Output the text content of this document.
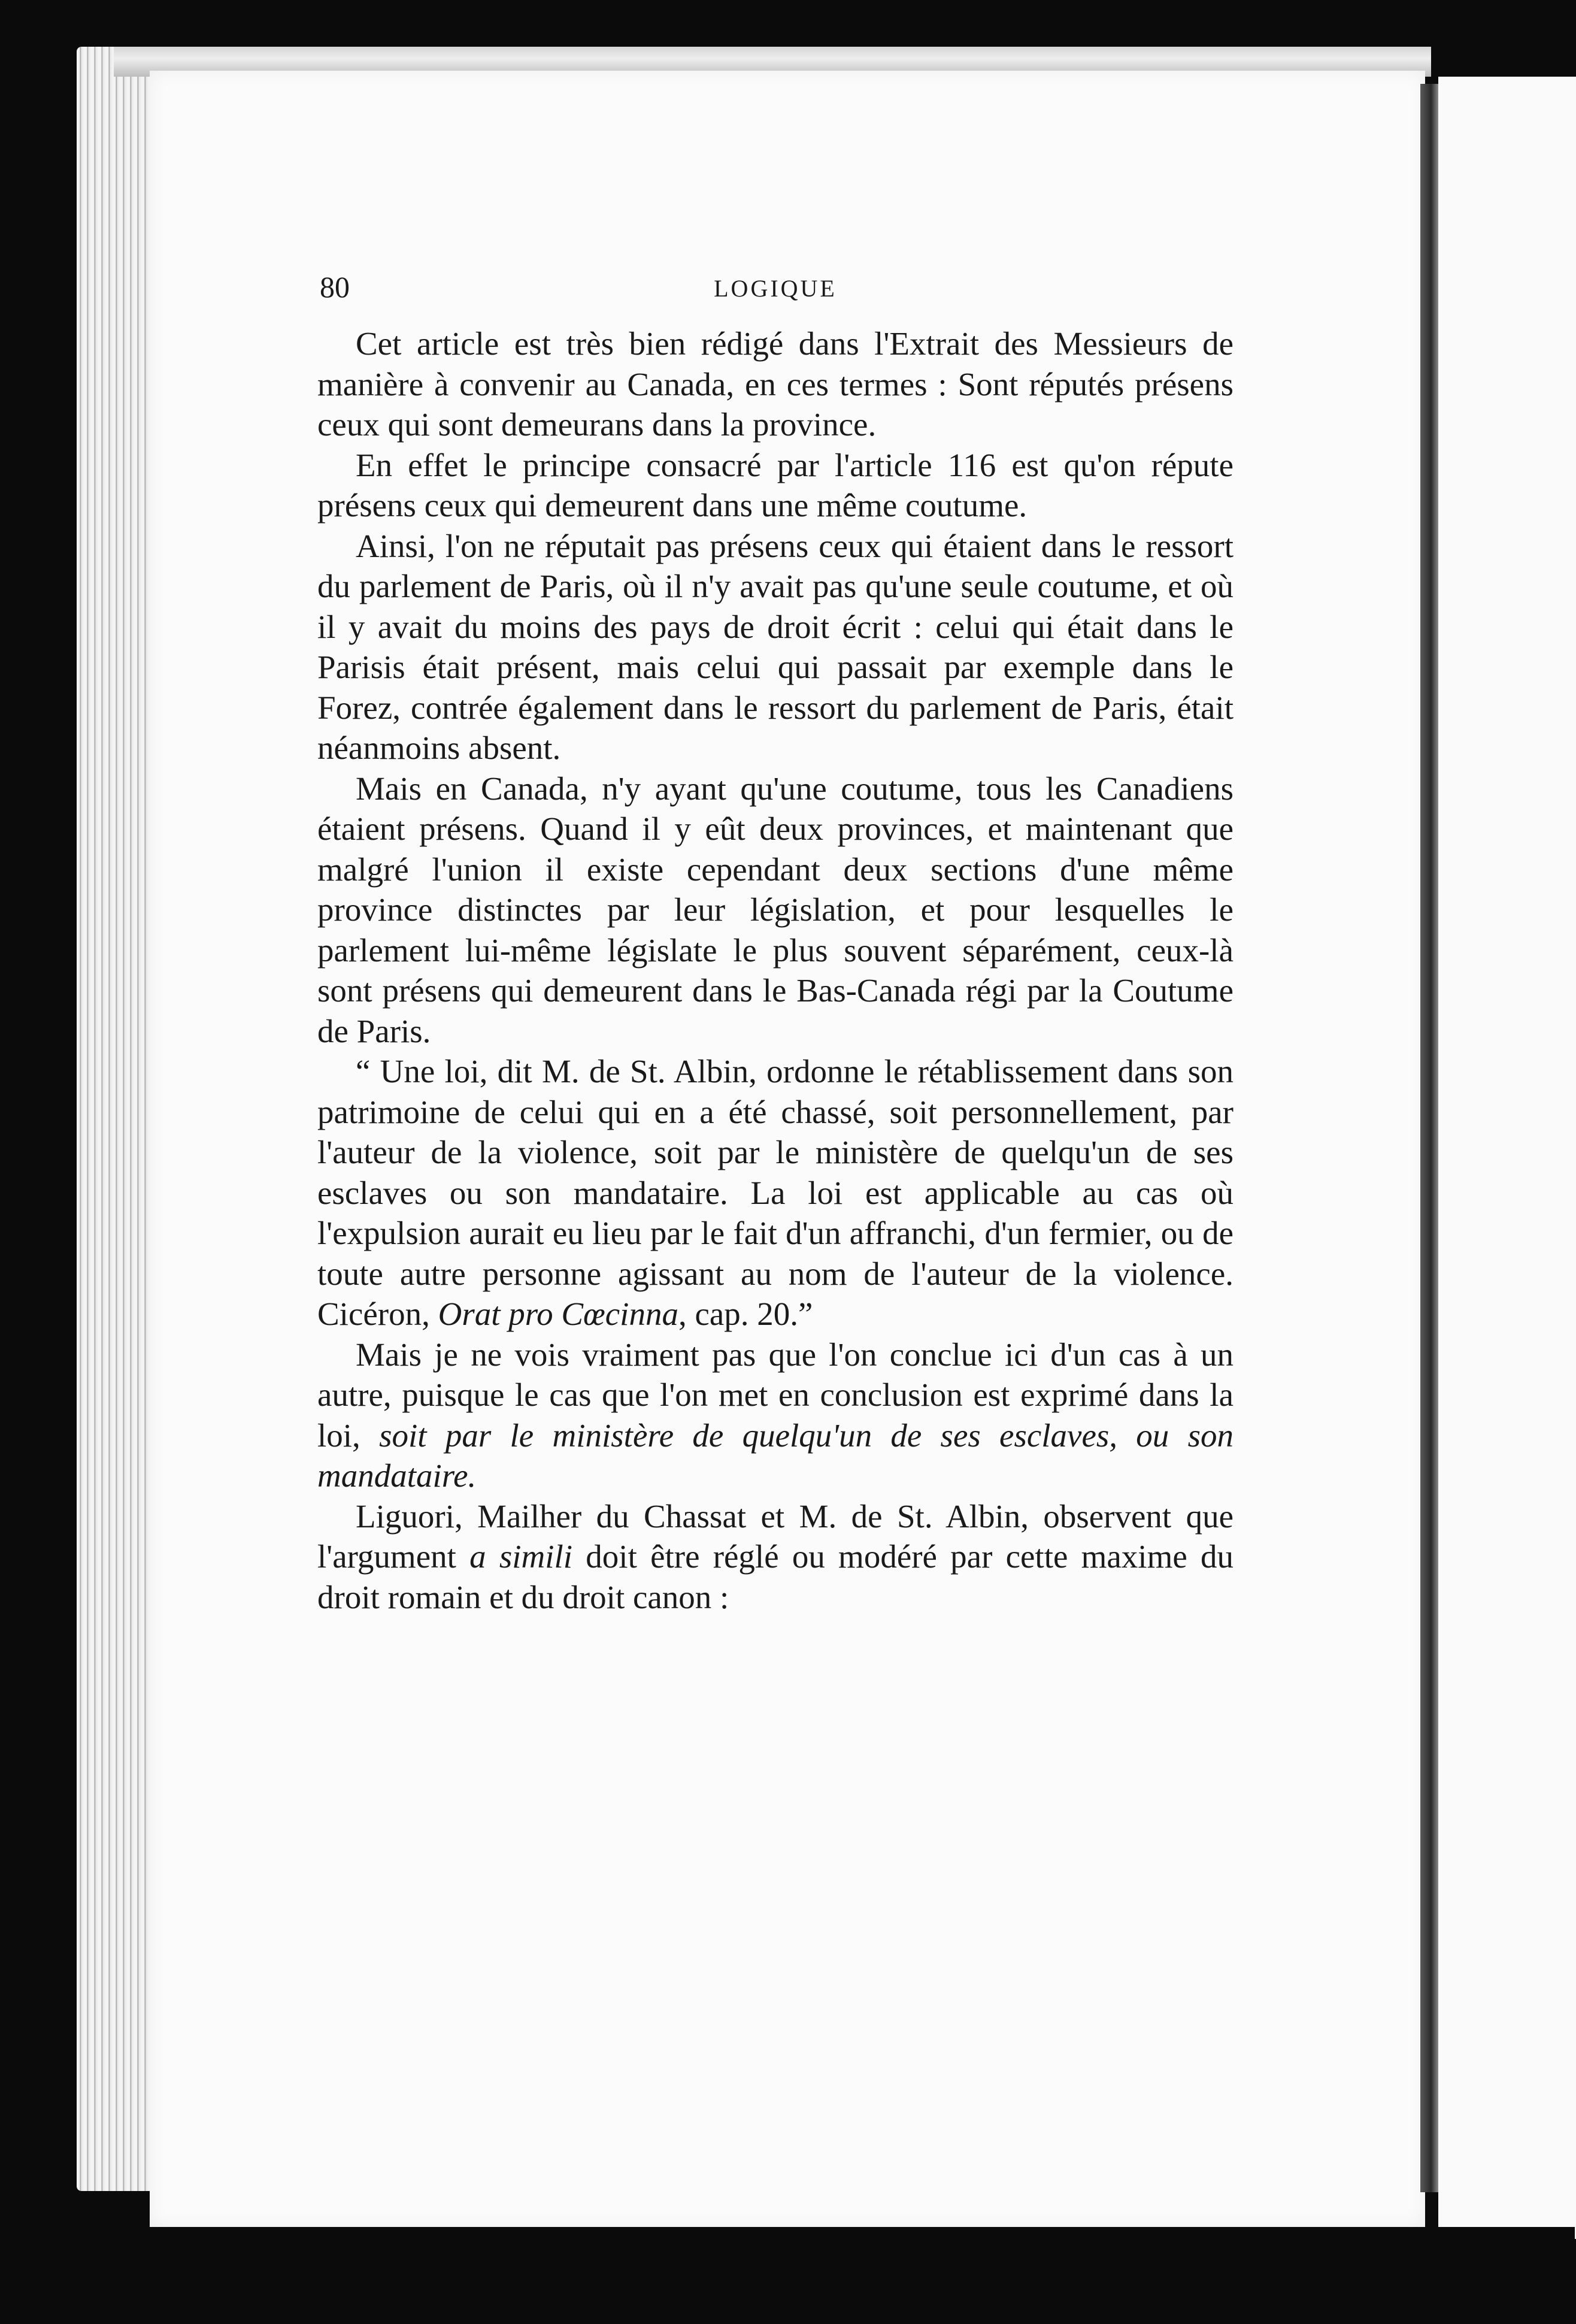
80	LOGIQUE

Cet article est très bien rédigé dans l'Extrait des Messieurs de manière à convenir au Canada, en ces termes : Sont réputés présens ceux qui sont demeurans dans la province.

En effet le principe consacré par l'article 116 est qu'on répute présens ceux qui demeurent dans une même coutume.

Ainsi, l'on ne réputait pas présens ceux qui étaient dans le ressort du parlement de Paris, où il n'y avait pas qu'une seule coutume, et où il y avait du moins des pays de droit écrit : celui qui était dans le Parisis était présent, mais celui qui passait par exemple dans le Forez, contrée également dans le ressort du parlement de Paris, était néanmoins absent.

Mais en Canada, n'y ayant qu'une coutume, tous les Canadiens étaient présens. Quand il y eût deux provinces, et maintenant que malgré l'union il existe cependant deux sections d'une même province distinctes par leur législation, et pour lesquelles le parlement lui-même législate le plus souvent séparément, ceux-là sont présens qui demeurent dans le Bas-Canada régi par la Coutume de Paris.

“ Une loi, dit M. de St. Albin, ordonne le rétablissement dans son patrimoine de celui qui en a été chassé, soit personnellement, par l'auteur de la violence, soit par le ministère de quelqu'un de ses esclaves ou son mandataire. La loi est applicable au cas où l'expulsion aurait eu lieu par le fait d'un affranchi, d'un fermier, ou de toute autre personne agissant au nom de l'auteur de la violence. Cicéron, Orat pro Cœcinna, cap. 20.”

Mais je ne vois vraiment pas que l'on conclue ici d'un cas à un autre, puisque le cas que l'on met en conclusion est exprimé dans la loi, soit par le ministère de quelqu'un de ses esclaves, ou son mandataire.

Liguori, Mailher du Chassat et M. de St. Albin, observent que l'argument a simili doit être réglé ou modéré par cette maxime du droit romain et du droit canon :
